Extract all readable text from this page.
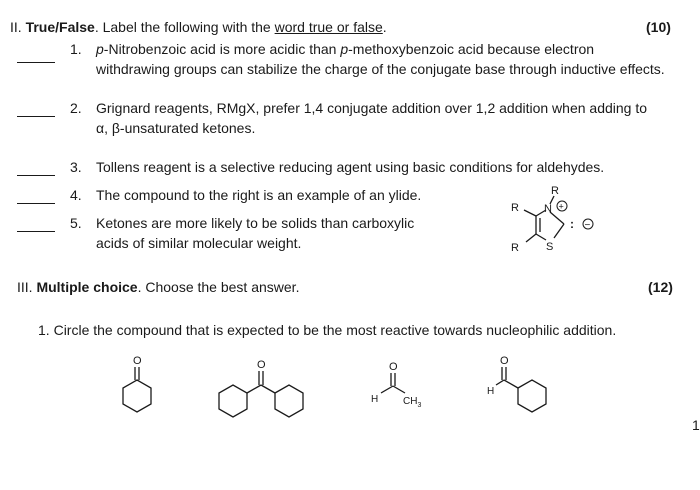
II. True/False. Label the following with the word true or false.	(10)
1. p-Nitrobenzoic acid is more acidic than p-methoxybenzoic acid because electron
withdrawing groups can stabilize the charge of the conjugate base through inductive effects.
2. Grignard reagents, RMgX, prefer 1,4 conjugate addition over 1,2 addition when adding to
α, β-unsaturated ketones.
3. Tollens reagent is a selective reducing agent using basic conditions for aldehydes.
4. The compound to the right is an example of an ylide.
5. Ketones are more likely to be solids than carboxylic
acids of similar molecular weight.
R
R
R
N +
S
: −
III. Multiple choice. Choose the best answer.	(12)
1. Circle the compound that is expected to be the most reactive towards nucleophilic addition.
O	O	O
H $CH_3$
O
H
1
